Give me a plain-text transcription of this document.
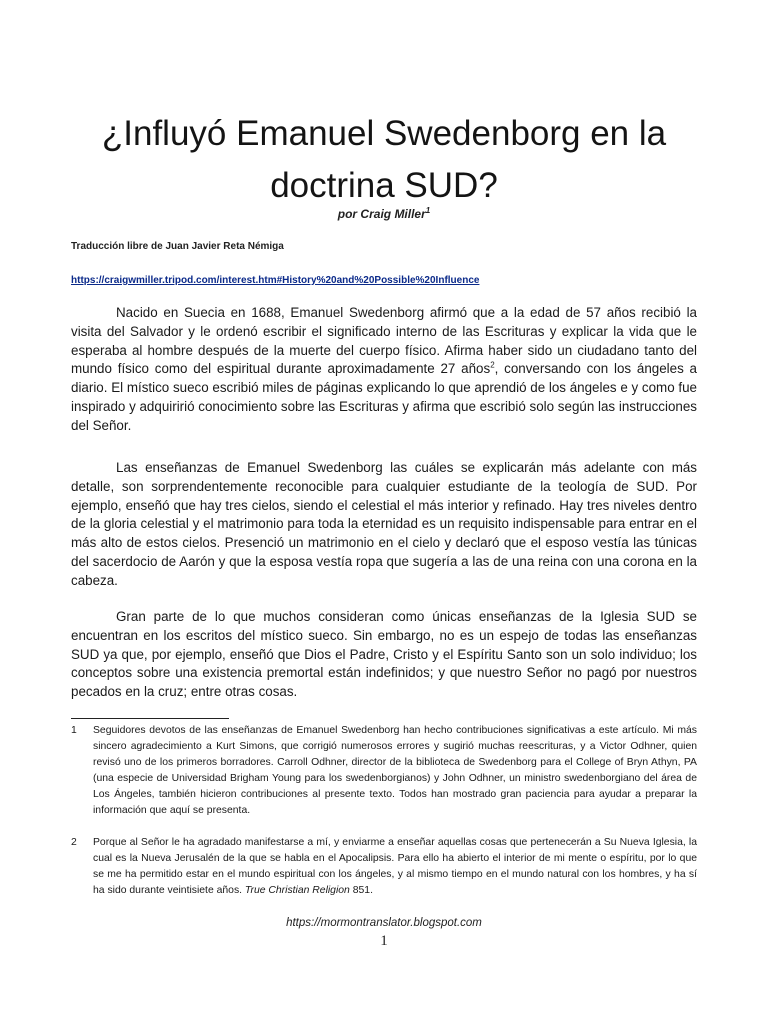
¿Influyó Emanuel Swedenborg en la
doctrina SUD?
por Craig Miller$^1$
Traducción libre de Juan Javier Reta Némiga
https://craigwmiller.tripod.com/interest.htm#History%20and%20Possible%20Influence

Nacido en Suecia en 1688, Emanuel Swedenborg afirmó que a la edad de 57 años recibió la visita del Salvador y le ordenó escribir el significado interno de las Escrituras y explicar la vida que le esperaba al hombre después de la muerte del cuerpo físico. Afirma haber sido un ciudadano tanto del mundo físico como del espiritual durante aproximadamente 27 años$^2$, conversando con los ángeles a diario. El místico sueco escribió miles de páginas explicando lo que aprendió de los ángeles e y como fue inspirado y adquiririó conocimiento sobre las Escrituras y afirma que escribió solo según las instrucciones del Señor.

Las enseñanzas de Emanuel Swedenborg las cuáles se explicarán más adelante con más detalle, son sorprendentemente reconocible para cualquier estudiante de la teología de SUD. Por ejemplo, enseñó que hay tres cielos, siendo el celestial el más interior y refinado. Hay tres niveles dentro de la gloria celestial y el matrimonio para toda la eternidad es un requisito indispensable para entrar en el más alto de estos cielos. Presenció un matrimonio en el cielo y declaró que el esposo vestía las túnicas del sacerdocio de Aarón y que la esposa vestía ropa que sugería a las de una reina con una corona en la cabeza.

Gran parte de lo que muchos consideran como únicas enseñanzas de la Iglesia SUD se encuentran en los escritos del místico sueco. Sin embargo, no es un espejo de todas las enseñanzas SUD ya que, por ejemplo, enseñó que Dios el Padre, Cristo y el Espíritu Santo son un solo individuo; los conceptos sobre una existencia premortal están indefinidos; y que nuestro Señor no pagó por nuestros pecados en la cruz; entre otras cosas.

1	Seguidores devotos de las enseñanzas de Emanuel Swedenborg han hecho contribuciones significativas a este artículo. Mi más sincero agradecimiento a Kurt Simons, que corrigió numerosos errores y sugirió muchas reescrituras, y a Victor Odhner, quien revisó uno de los primeros borradores. Carroll Odhner, director de la biblioteca de Swedenborg para el College of Bryn Athyn, PA (una especie de Universidad Brigham Young para los swedenborgianos) y John Odhner, un ministro swedenborgiano del área de Los Ángeles, también hicieron contribuciones al presente texto. Todos han mostrado gran paciencia para ayudar a preparar la información que aquí se presenta.
2	Porque al Señor le ha agradado manifestarse a mí, y enviarme a enseñar aquellas cosas que pertenecerán a Su Nueva Iglesia, la cual es la Nueva Jerusalén de la que se habla en el Apocalipsis. Para ello ha abierto el interior de mi mente o espíritu, por lo que se me ha permitido estar en el mundo espiritual con los ángeles, y al mismo tiempo en el mundo natural con los hombres, y ha sí ha sido durante veintisiete años. True Christian Religion 851.
https://mormontranslator.blogspot.com
1
